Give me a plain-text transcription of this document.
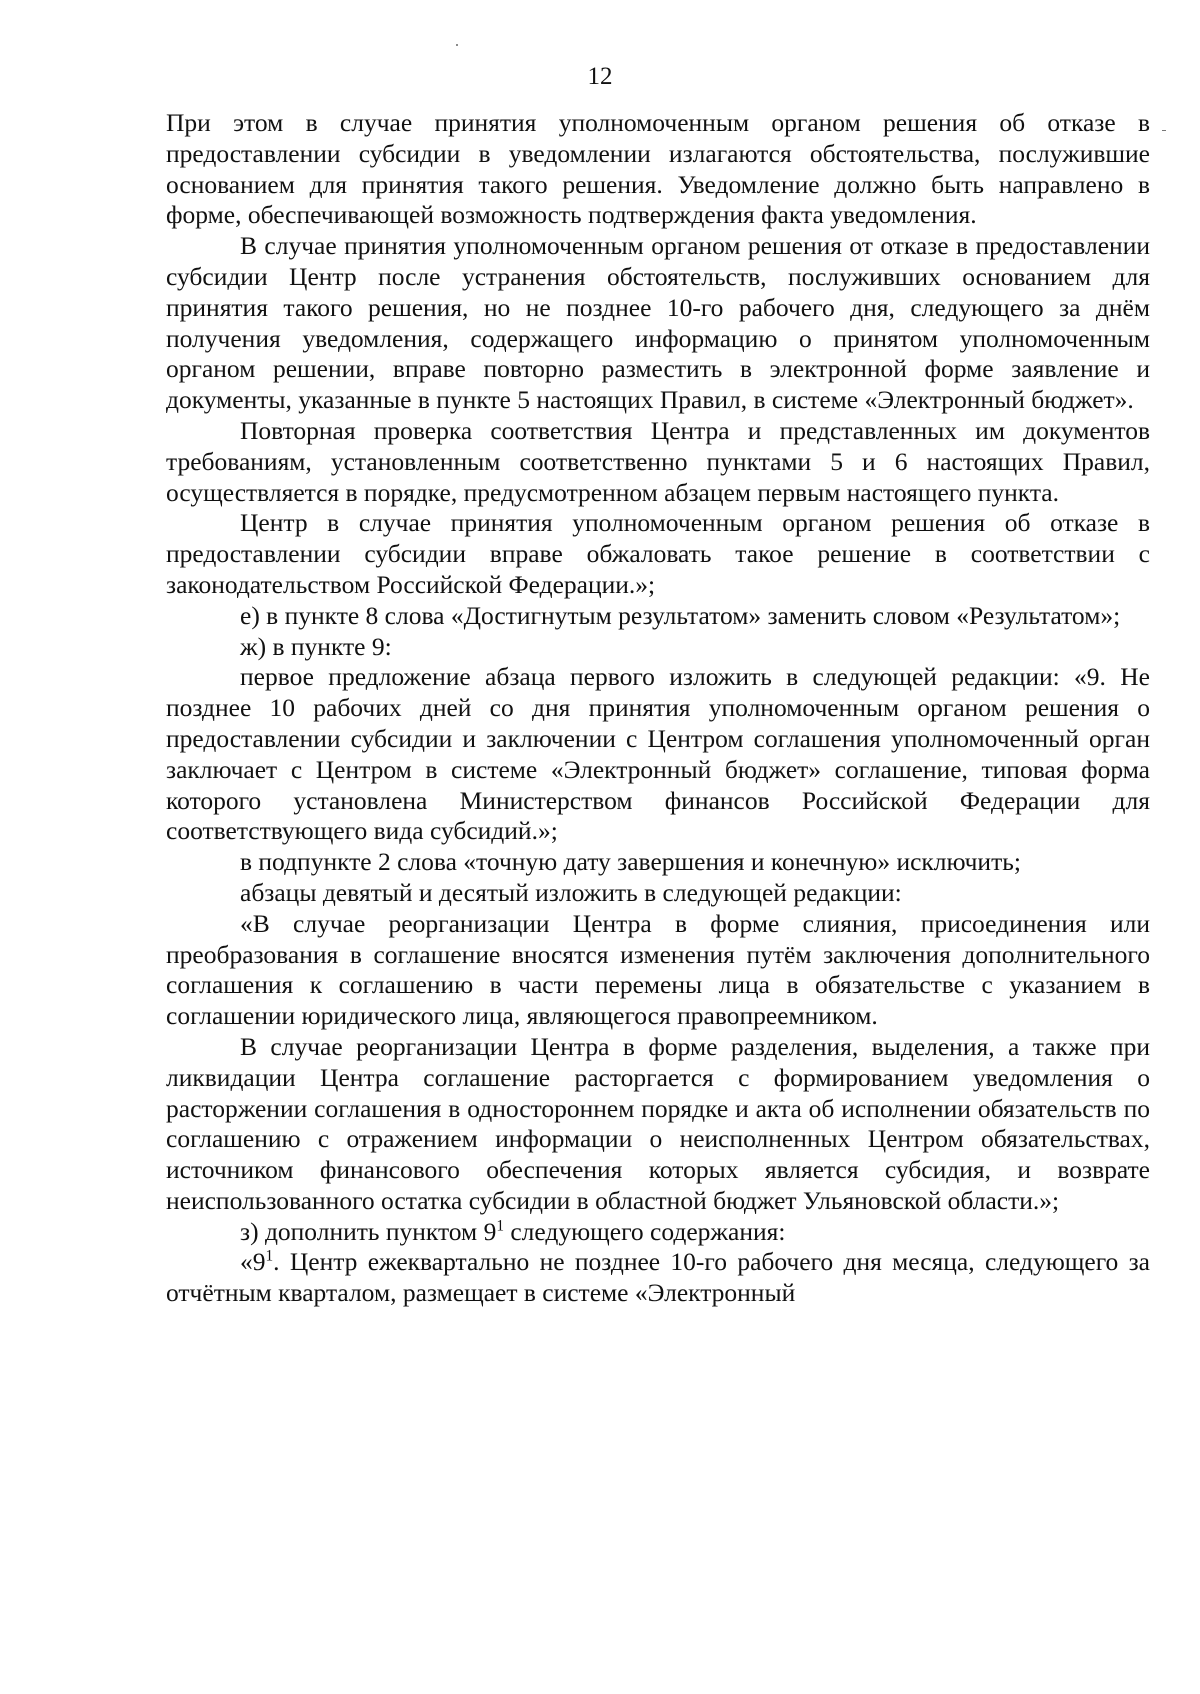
12

При этом в случае принятия уполномоченным органом решения об отказе в предоставлении субсидии в уведомлении излагаются обстоятельства, послужившие основанием для принятия такого решения. Уведомление должно быть направлено в форме, обеспечивающей возможность подтверждения факта уведомления.

В случае принятия уполномоченным органом решения от отказе в предоставлении субсидии Центр после устранения обстоятельств, послуживших основанием для принятия такого решения, но не позднее 10-го рабочего дня, следующего за днём получения уведомления, содержащего информацию о принятом уполномоченным органом решении, вправе повторно разместить в электронной форме заявление и документы, указанные в пункте 5 настоящих Правил, в системе «Электронный бюджет».

Повторная проверка соответствия Центра и представленных им документов требованиям, установленным соответственно пунктами 5 и 6 настоящих Правил, осуществляется в порядке, предусмотренном абзацем первым настоящего пункта.

Центр в случае принятия уполномоченным органом решения об отказе в предоставлении субсидии вправе обжаловать такое решение в соответствии с законодательством Российской Федерации.»;

е) в пункте 8 слова «Достигнутым результатом» заменить словом «Результатом»;

ж) в пункте 9:

первое предложение абзаца первого изложить в следующей редакции: «9. Не позднее 10 рабочих дней со дня принятия уполномоченным органом решения о предоставлении субсидии и заключении с Центром соглашения уполномоченный орган заключает с Центром в системе «Электронный бюджет» соглашение, типовая форма которого установлена Министерством финансов Российской Федерации для соответствующего вида субсидий.»;

в подпункте 2 слова «точную дату завершения и конечную» исключить;

абзацы девятый и десятый изложить в следующей редакции:

«В случае реорганизации Центра в форме слияния, присоединения или преобразования в соглашение вносятся изменения путём заключения дополнительного соглашения к соглашению в части перемены лица в обязательстве с указанием в соглашении юридического лица, являющегося правопреемником.

В случае реорганизации Центра в форме разделения, выделения, а также при ликвидации Центра соглашение расторгается с формированием уведомления о расторжении соглашения в одностороннем порядке и акта об исполнении обязательств по соглашению с отражением информации о неисполненных Центром обязательствах, источником финансового обеспечения которых является субсидия, и возврате неиспользованного остатка субсидии в областной бюджет Ульяновской области.»;

з) дополнить пунктом $9^1$ следующего содержания:

«$9^1$. Центр ежеквартально не позднее 10-го рабочего дня месяца, следующего за отчётным кварталом, размещает в системе «Электронный
